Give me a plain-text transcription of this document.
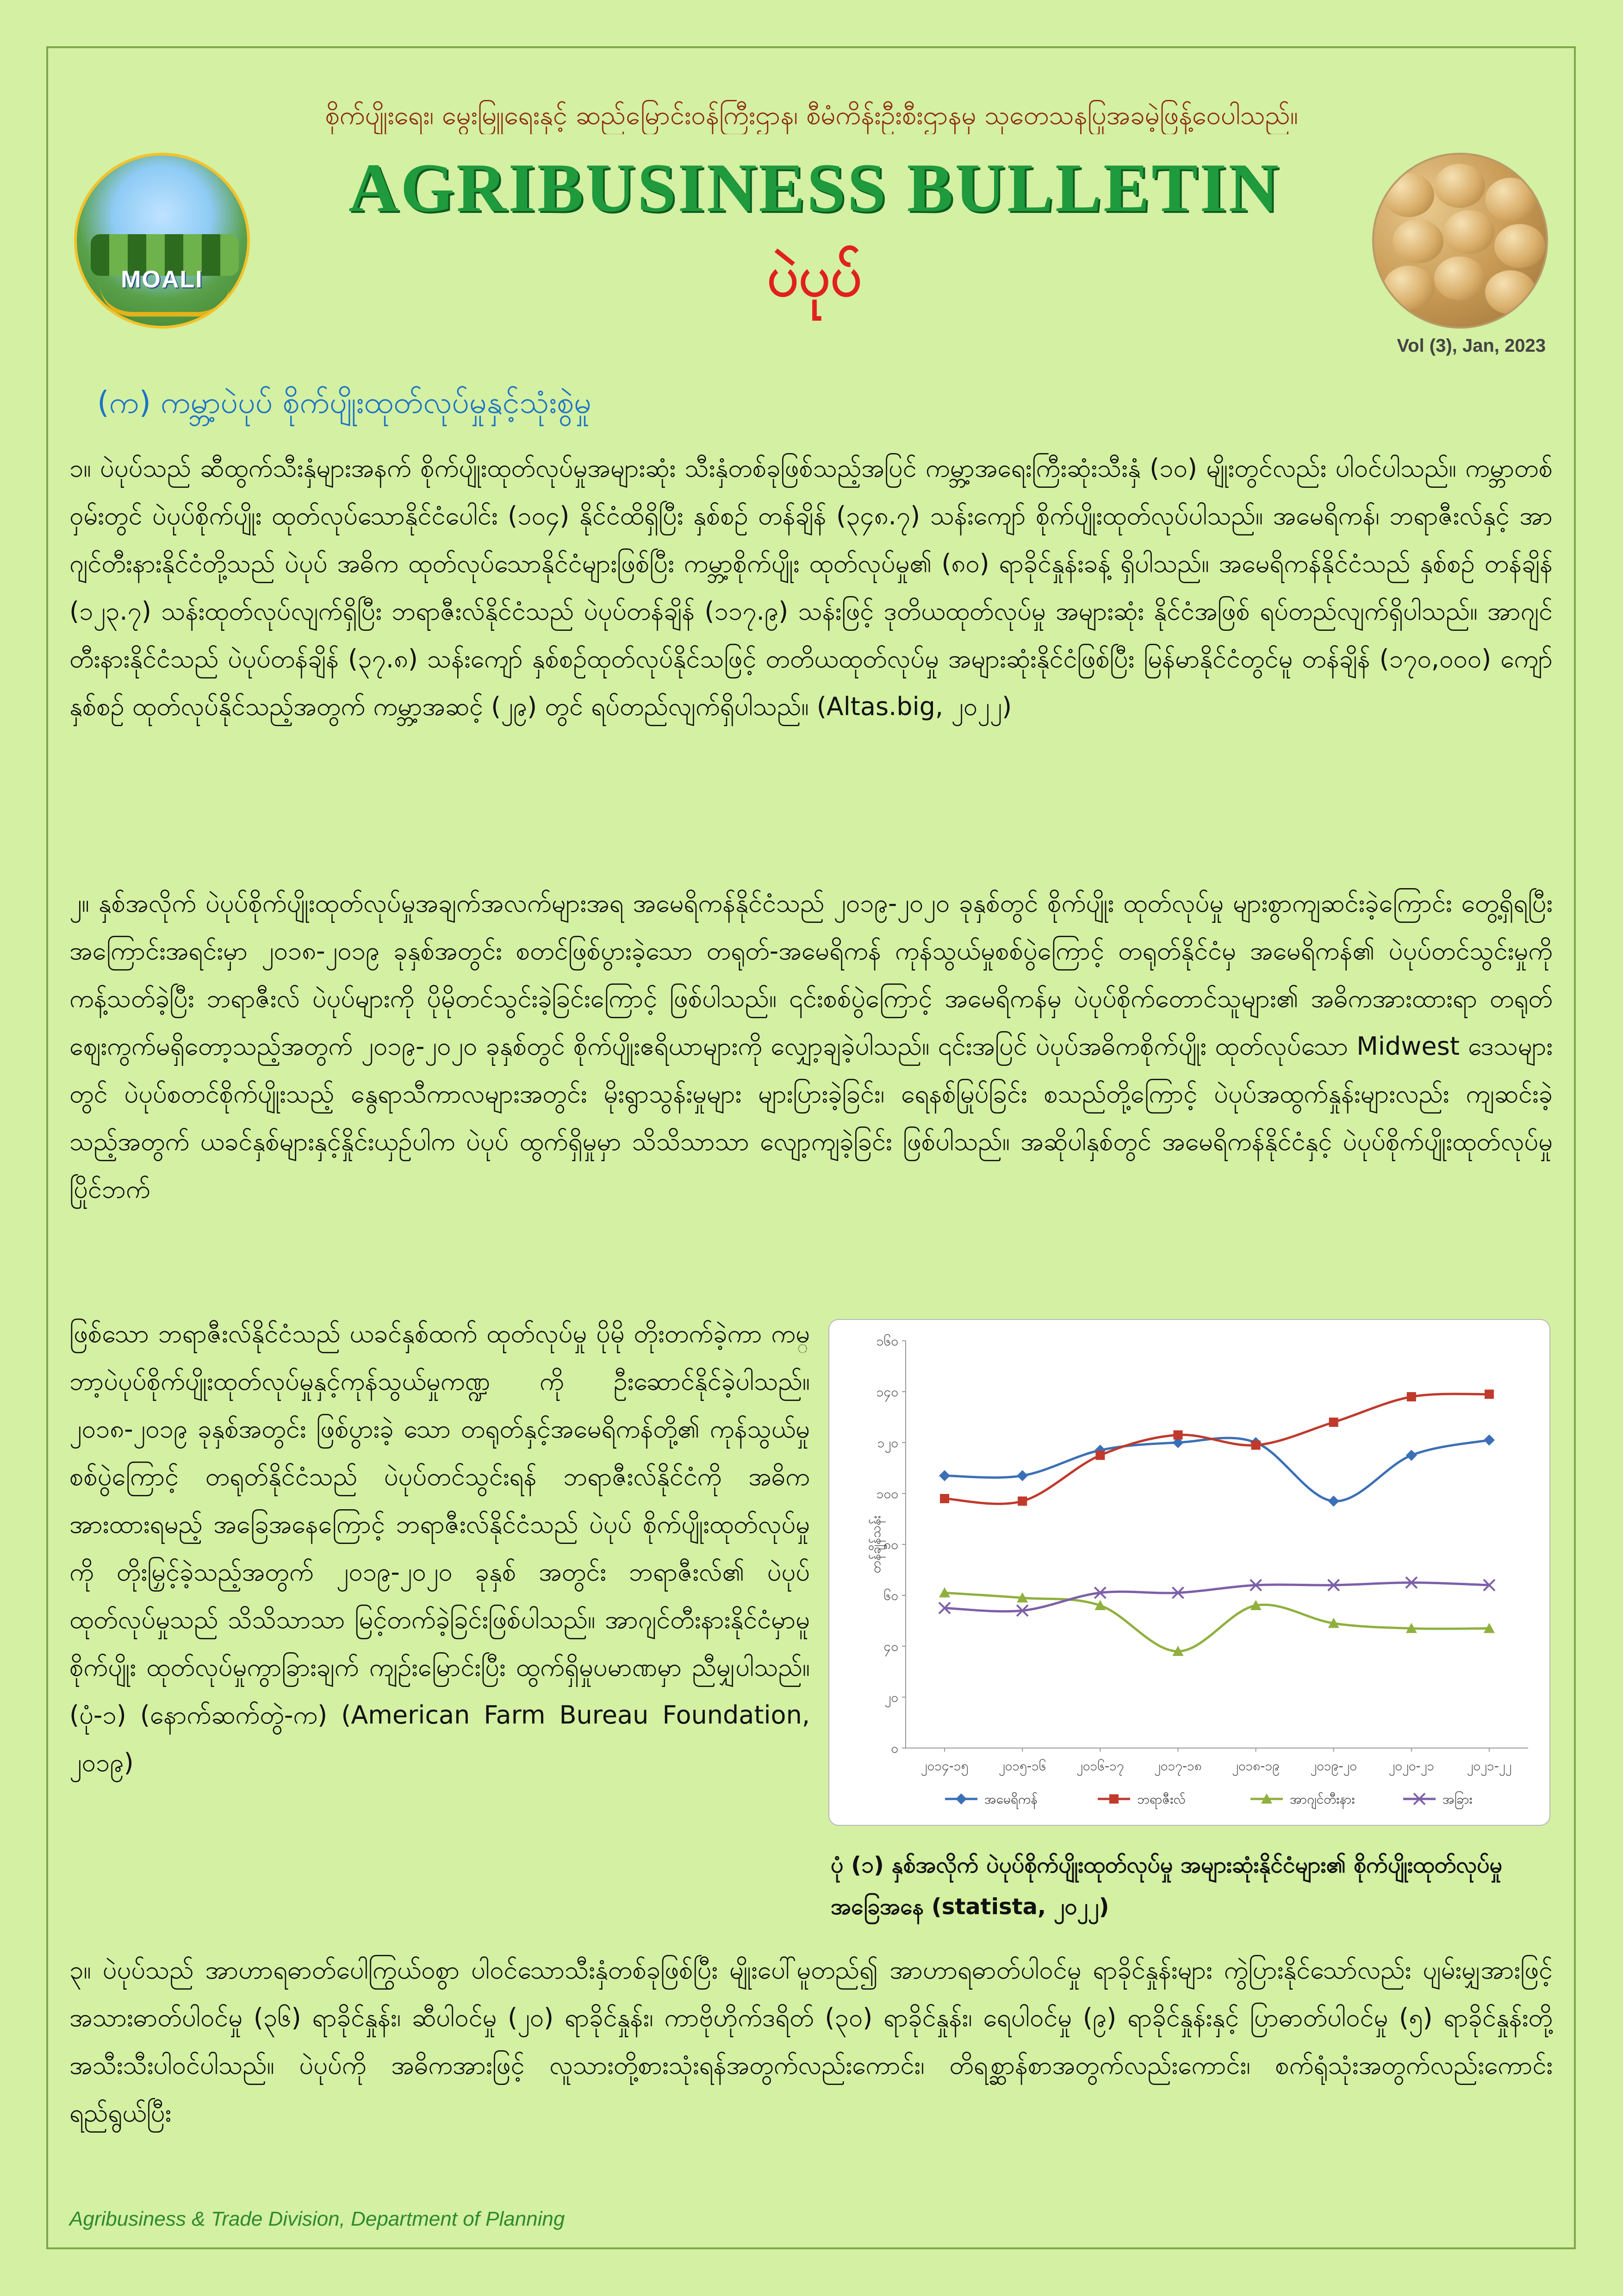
စိုက်ပျိုးရေး၊ မွေးမြူရေးနှင့် ဆည်မြောင်းဝန်ကြီးဌာန၊ စီမံကိန်းဦးစီးဌာနမှ သုတေသနပြုအခမဲ့ဖြန့်ဝေပါသည်။
MOALI
AGRIBUSINESS BULLETIN
ပဲပုပ်
Vol (3), Jan, 2023
(က) ကမ္ဘာ့ပဲပုပ် စိုက်ပျိုးထုတ်လုပ်မှုနှင့်သုံးစွဲမှု

၁။ ပဲပုပ်သည် ဆီထွက်သီးနှံများအနက် စိုက်ပျိုးထုတ်လုပ်မှုအများဆုံး သီးနှံတစ်ခုဖြစ်သည့်အပြင် ကမ္ဘာ့အရေးကြီးဆုံးသီးနှံ (၁၀) မျိုးတွင်လည်း ပါဝင်ပါသည်။ ကမ္ဘာတစ်ဝှမ်းတွင် ပဲပုပ်စိုက်ပျိုး ထုတ်လုပ်သောနိုင်ငံပေါင်း (၁၀၄) နိုင်ငံထိရှိပြီး နှစ်စဉ် တန်ချိန် (၃၄၈.၇) သန်းကျော် စိုက်ပျိုးထုတ်လုပ်ပါသည်။ အမေရိကန်၊ ဘရာဇီးလ်နှင့် အာဂျင်တီးနားနိုင်ငံတို့သည် ပဲပုပ် အဓိက ထုတ်လုပ်သောနိုင်ငံများဖြစ်ပြီး ကမ္ဘာ့စိုက်ပျိုး ထုတ်လုပ်မှု၏ (၈၀) ရာခိုင်နှုန်းခန့် ရှိပါသည်။ အမေရိကန်နိုင်ငံသည် နှစ်စဉ် တန်ချိန် (၁၂၃.၇) သန်းထုတ်လုပ်လျက်ရှိပြီး ဘရာဇီးလ်နိုင်ငံသည် ပဲပုပ်တန်ချိန် (၁၁၇.၉) သန်းဖြင့် ဒုတိယထုတ်လုပ်မှု အများဆုံး နိုင်ငံအဖြစ် ရပ်တည်လျက်ရှိပါသည်။ အာဂျင်တီးနားနိုင်ငံသည် ပဲပုပ်တန်ချိန် (၃၇.၈) သန်းကျော် နှစ်စဉ်ထုတ်လုပ်နိုင်သဖြင့် တတိယထုတ်လုပ်မှု အများဆုံးနိုင်ငံဖြစ်ပြီး မြန်မာနိုင်ငံတွင်မူ တန်ချိန် (၁၇၀,၀၀၀) ကျော် နှစ်စဉ် ထုတ်လုပ်နိုင်သည့်အတွက် ကမ္ဘာ့အဆင့် (၂၉) တွင် ရပ်တည်လျက်ရှိပါသည်။ (Altas.big, ၂၀၂၂)

၂။ နှစ်အလိုက် ပဲပုပ်စိုက်ပျိုးထုတ်လုပ်မှုအချက်အလက်များအရ အမေရိကန်နိုင်ငံသည် ၂၀၁၉-၂၀၂၀ ခုနှစ်တွင် စိုက်ပျိုး ထုတ်လုပ်မှု များစွာကျဆင်းခဲ့ကြောင်း တွေ့ရှိရပြီး အကြောင်းအရင်းမှာ ၂၀၁၈-၂၀၁၉ ခုနှစ်အတွင်း စတင်ဖြစ်ပွားခဲ့သော တရုတ်-အမေရိကန် ကုန်သွယ်မှုစစ်ပွဲကြောင့် တရုတ်နိုင်ငံမှ အမေရိကန်၏ ပဲပုပ်တင်သွင်းမှုကို ကန့်သတ်ခဲ့ပြီး ဘရာဇီးလ် ပဲပုပ်များကို ပိုမိုတင်သွင်းခဲ့ခြင်းကြောင့် ဖြစ်ပါသည်။ ၎င်းစစ်ပွဲကြောင့် အမေရိကန်မှ ပဲပုပ်စိုက်တောင်သူများ၏ အဓိကအားထားရာ တရုတ် ဈေးကွက်မရှိတော့သည့်အတွက် ၂၀၁၉-၂၀၂၀ ခုနှစ်တွင် စိုက်ပျိုးဧရိယာများကို လျှော့ချခဲ့ပါသည်။ ၎င်းအပြင် ပဲပုပ်အဓိကစိုက်ပျိုး ထုတ်လုပ်သော Midwest ဒေသများတွင် ပဲပုပ်စတင်စိုက်ပျိုးသည့် နွေရာသီကာလများအတွင်း မိုးရွာသွန်းမှုများ များပြားခဲ့ခြင်း၊ ရေနစ်မြုပ်ခြင်း စသည်တို့ကြောင့် ပဲပုပ်အထွက်နှုန်းများလည်း ကျဆင်းခဲ့သည့်အတွက် ယခင်နှစ်များနှင့်နှိုင်းယှဉ်ပါက ပဲပုပ် ထွက်ရှိမှုမှာ သိသိသာသာ လျော့ကျခဲ့ခြင်း ဖြစ်ပါသည်။ အဆိုပါနှစ်တွင် အမေရိကန်နိုင်ငံနှင့် ပဲပုပ်စိုက်ပျိုးထုတ်လုပ်မှု ပြိုင်ဘက်

ဖြစ်သော ဘရာဇီးလ်နိုင်ငံသည် ယခင်နှစ်ထက် ထုတ်လုပ်မှု ပိုမို တိုးတက်ခဲ့ကာ ကမ္ဘာ့ပဲပုပ်စိုက်ပျိုးထုတ်လုပ်မှုနှင့်ကုန်သွယ်မှုကဏ္ဍ ကို ဦးဆောင်နိုင်ခဲ့ပါသည်။ ၂၀၁၈-၂၀၁၉ ခုနှစ်အတွင်း ဖြစ်ပွားခဲ့ သော တရုတ်နှင့်အမေရိကန်တို့၏ ကုန်သွယ်မှုစစ်ပွဲကြောင့် တရုတ်နိုင်ငံသည် ပဲပုပ်တင်သွင်းရန် ဘရာဇီးလ်နိုင်ငံကို အဓိက အားထားရမည့် အခြေအနေကြောင့် ဘရာဇီးလ်နိုင်ငံသည် ပဲပုပ် စိုက်ပျိုးထုတ်လုပ်မှုကို တိုးမြှင့်ခဲ့သည့်အတွက် ၂၀၁၉-၂၀၂၀ ခုနှစ် အတွင်း ဘရာဇီးလ်၏ ပဲပုပ်ထုတ်လုပ်မှုသည် သိသိသာသာ မြင့်တက်ခဲ့ခြင်းဖြစ်ပါသည်။ အာဂျင်တီးနားနိုင်ငံမှာမူ စိုက်ပျိုး ထုတ်လုပ်မှုကွာခြားချက် ကျဉ်းမြောင်းပြီး ထွက်ရှိမှုပမာဏမှာ ညီမျှပါသည်။ (ပုံ-၁) (နောက်ဆက်တွဲ-က) (American Farm Bureau Foundation, ၂၀၁၉)	၀
၂၀
၄၀
၆၀
၈၀
၁၀၀
၁၂၀
၁၄၀
၁၆၀
တန်ချိန်သန်း
၂၀၁၄-၁၅ ၂၀၁၅-၁၆ ၂၀၁၆-၁၇ ၂၀၁၇-၁၈ ၂၀၁၈-၁၉ ၂၀၁၉-၂၀ ၂၀၂၀-၂၁	၂၀၂၁-၂၂
အမေရိကန်	ဘရာဇီးလ်	အာဂျင်တီးနား	အခြား
ပုံ (၁) နှစ်အလိုက် ပဲပုပ်စိုက်ပျိုးထုတ်လုပ်မှု အများဆုံးနိုင်ငံများ၏ စိုက်ပျိုးထုတ်လုပ်မှု အခြေအနေ (statista, ၂၀၂၂)

၃။ ပဲပုပ်သည် အာဟာရဓာတ်ပေါကြွယ်ဝစွာ ပါဝင်သောသီးနှံတစ်ခုဖြစ်ပြီး မျိုးပေါ်မူတည်၍ အာဟာရဓာတ်ပါဝင်မှု ရာခိုင်နှုန်းများ ကွဲပြားနိုင်သော်လည်း ပျမ်းမျှအားဖြင့် အသားဓာတ်ပါဝင်မှု (၃၆) ရာခိုင်နှုန်း၊ ဆီပါဝင်မှု (၂၀) ရာခိုင်နှုန်း၊ ကာဗိုဟိုက်ဒရိတ် (၃၀) ရာခိုင်နှုန်း၊ ရေပါဝင်မှု (၉) ရာခိုင်နှုန်းနှင့် ပြာဓာတ်ပါဝင်မှု (၅) ရာခိုင်နှုန်းတို့ အသီးသီးပါဝင်ပါသည်။ ပဲပုပ်ကို အဓိကအားဖြင့် လူသားတို့စားသုံးရန်အတွက်လည်းကောင်း၊ တိရစ္ဆာန်စာအတွက်လည်းကောင်း၊ စက်ရုံသုံးအတွက်လည်းကောင်း ရည်ရွယ်ပြီး

Agribusiness & Trade Division, Department of Planning
